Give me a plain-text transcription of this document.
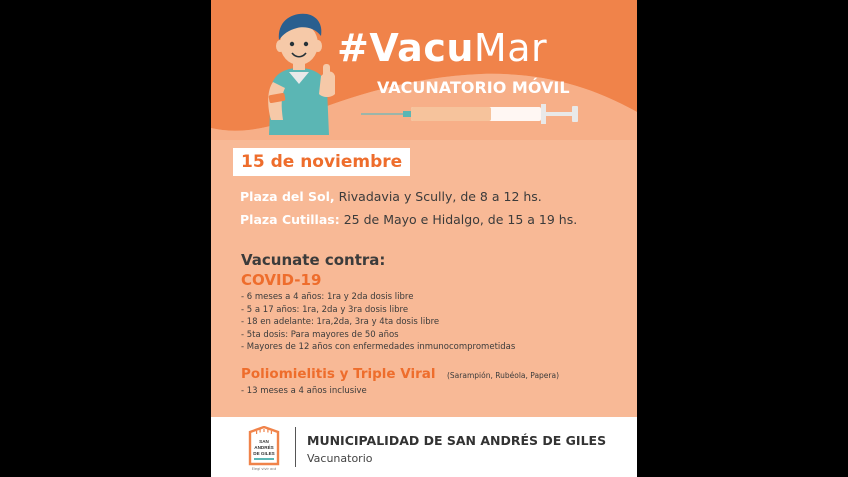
#VacuMar
VACUNATORIO MÓVIL
15 de noviembre
Plaza del Sol, Rivadavia y Scully, de 8 a 12 hs.
Plaza Cutillas: 25 de Mayo e Hidalgo, de 15 a 19 hs.
Vacunate contra:
COVID-19
- 6 meses a 4 años: 1ra y 2da dosis libre
- 5 a 17 años: 1ra, 2da y 3ra dosis libre
- 18 en adelante: 1ra,2da, 3ra y 4ta dosis libre
- 5ta dosis: Para mayores de 50 años
- Mayores de 12 años con enfermedades inmunocomprometidas
Poliomielitis y Triple Viral (Sarampión, Rubéola, Papera)
- 13 meses a 4 años inclusive
SAN
ANDRÉS
DE GILES
Elegí vivir acá
MUNICIPALIDAD DE SAN ANDRÉS DE GILES
Vacunatorio
